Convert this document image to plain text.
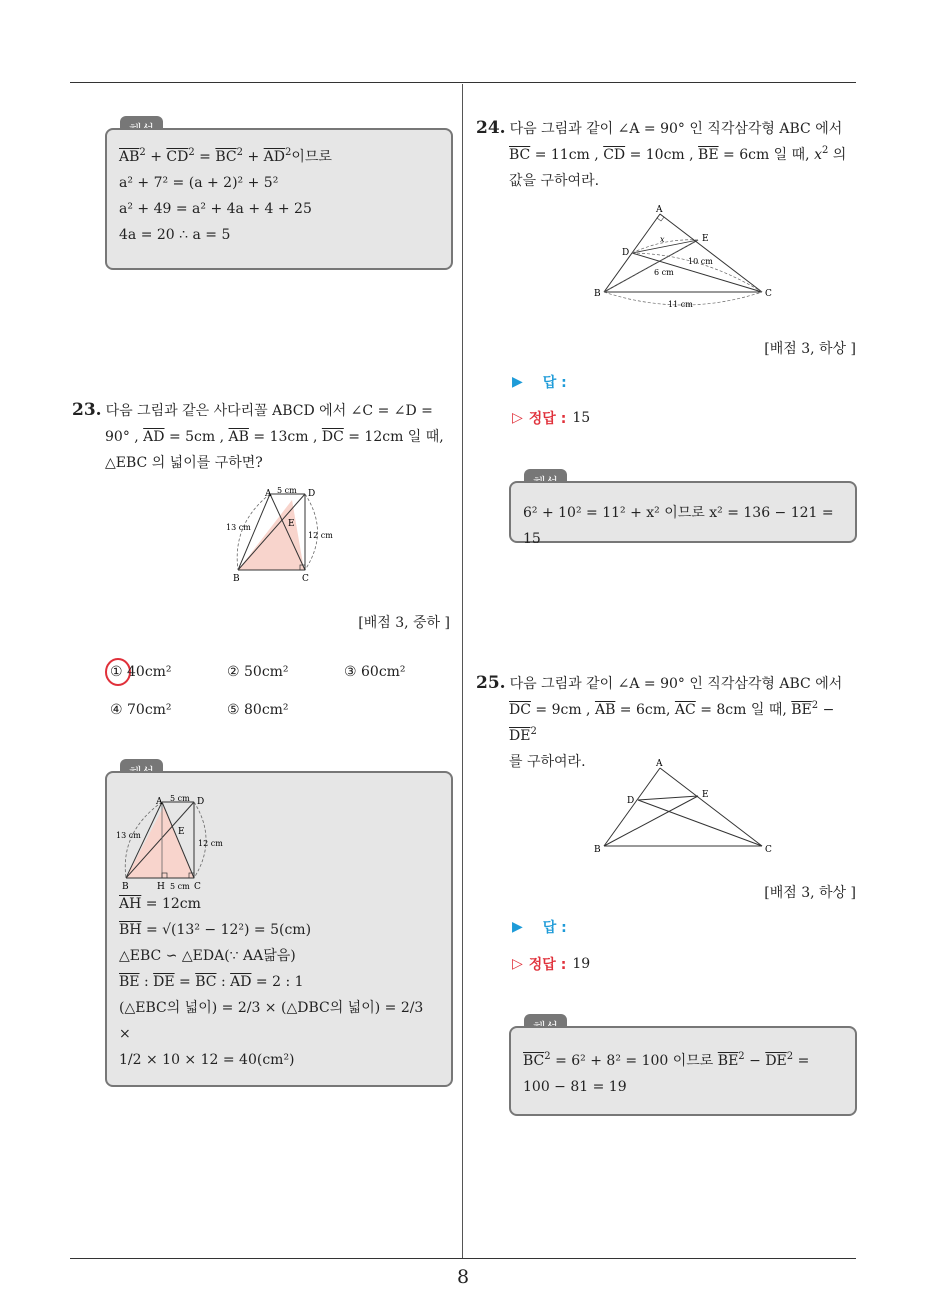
8
$\overline{AB}^2 + \overline{CD}^2 = \overline{BC}^2 + \overline{AD}^2$이므로
a² + 7² = (a + 2)² + 5²
a² + 49 = a² + 4a + 4 + 25
4a = 20 ∴ a = 5
23. 다음 그림과 같은 사다리꼴 ABCD 에서 ∠C = ∠D =
90° , $\overline{AD} = 5cm$ , $\overline{AB} = 13cm$ , $\overline{DC} = 12cm$ 일 때,
△EBC 의 넓이를 구하면?
A	D
B	C
E
5 cm
13 cm
12 cm
[배점 3, 중하 ]
① 40cm²	② 50cm²	③ 60cm²
④ 70cm²	⑤ 80cm²
$\overline{AH} = 12cm$
$\overline{BH} = √(13^2 - 12^2) = 5(cm)$
△EBC ∽ △EDA(∵ AA닮음)
$\overline{BE}$ : $\overline{DE} = \overline{BC}$ : $\overline{AD} = 2$ : 1
(△EBC의 넓이) = 2/3 × (△DBC의 넓이) = 2/3 ×
1/2 × 10 × 12 = 40(cm²)
A	D
B	C
H
E
5 cm
13 cm
12 cm
5 cm
24. 다음 그림과 같이 ∠A = 90° 인 직각삼각형 ABC 에서
$\overline{BC} = 11cm$ , $\overline{CD} = 10cm$ , $\overline{BE} = 6cm$ 일 때, $x^2$ 의
값을 구하여라.
A
D
E
B	C
x
10 cm
6 cm
11 cm
[배점 3, 하상 ]
▶ 답 :
▷ 정답 : 15
6² + 10² = 11² + x² 이므로 x² = 136 − 121 = 15
25. 다음 그림과 같이 ∠A = 90° 인 직각삼각형 ABC 에서
$\overline{DC} = 9cm$ , $\overline{AB} = 6cm$, $\overline{AC} = 8cm$ 일 때, $\overline{BE}^2 - \overline{DE}^2$
를 구하여라.	A
D
E
B	C
[배점 3, 하상 ]
▶ 답 :
▷ 정답 : 19
$\overline{BC}^2 = 6^2 + 8^2 = 100$ 이므로 $\overline{BE}^2 - \overline{DE}^2$ =
100 − 81 = 19
